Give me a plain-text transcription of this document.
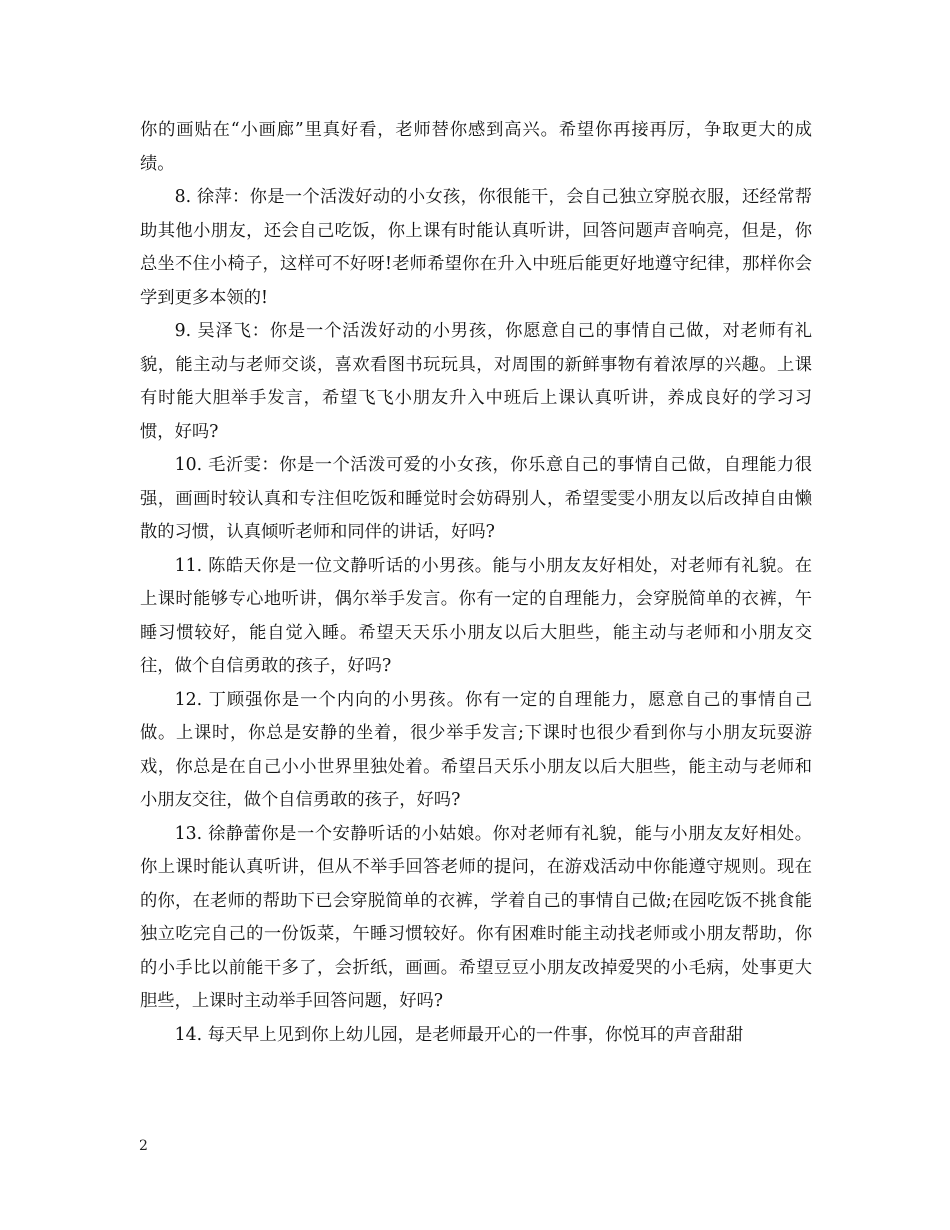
你的画贴在“小画廊”里真好看，老师替你感到高兴。希望你再接再厉，争取更大的成绩。

8. 徐萍：你是一个活泼好动的小女孩，你很能干，会自己独立穿脱衣服，还经常帮助其他小朋友，还会自己吃饭，你上课有时能认真听讲，回答问题声音响亮，但是，你总坐不住小椅子，这样可不好呀!老师希望你在升入中班后能更好地遵守纪律，那样你会学到更多本领的!

9. 吴泽飞：你是一个活泼好动的小男孩，你愿意自己的事情自己做，对老师有礼貌，能主动与老师交谈，喜欢看图书玩玩具，对周围的新鲜事物有着浓厚的兴趣。上课有时能大胆举手发言，希望飞飞小朋友升入中班后上课认真听讲，养成良好的学习习惯，好吗?

10. 毛沂雯：你是一个活泼可爱的小女孩，你乐意自己的事情自己做，自理能力很强，画画时较认真和专注但吃饭和睡觉时会妨碍别人，希望雯雯小朋友以后改掉自由懒散的习惯，认真倾听老师和同伴的讲话，好吗?

11. 陈皓天你是一位文静听话的小男孩。能与小朋友友好相处，对老师有礼貌。在上课时能够专心地听讲，偶尔举手发言。你有一定的自理能力，会穿脱简单的衣裤，午睡习惯较好，能自觉入睡。希望天天乐小朋友以后大胆些，能主动与老师和小朋友交往，做个自信勇敢的孩子，好吗?

12. 丁顾强你是一个内向的小男孩。你有一定的自理能力，愿意自己的事情自己做。上课时，你总是安静的坐着，很少举手发言;下课时也很少看到你与小朋友玩耍游戏，你总是在自己小小世界里独处着。希望吕天乐小朋友以后大胆些，能主动与老师和小朋友交往，做个自信勇敢的孩子，好吗?

13. 徐静蕾你是一个安静听话的小姑娘。你对老师有礼貌，能与小朋友友好相处。你上课时能认真听讲，但从不举手回答老师的提问，在游戏活动中你能遵守规则。现在的你，在老师的帮助下已会穿脱简单的衣裤，学着自己的事情自己做;在园吃饭不挑食能独立吃完自己的一份饭菜，午睡习惯较好。你有困难时能主动找老师或小朋友帮助，你的小手比以前能干多了，会折纸，画画。希望豆豆小朋友改掉爱哭的小毛病，处事更大胆些，上课时主动举手回答问题，好吗?

14. 每天早上见到你上幼儿园，是老师最开心的一件事，你悦耳的声音甜甜

2
